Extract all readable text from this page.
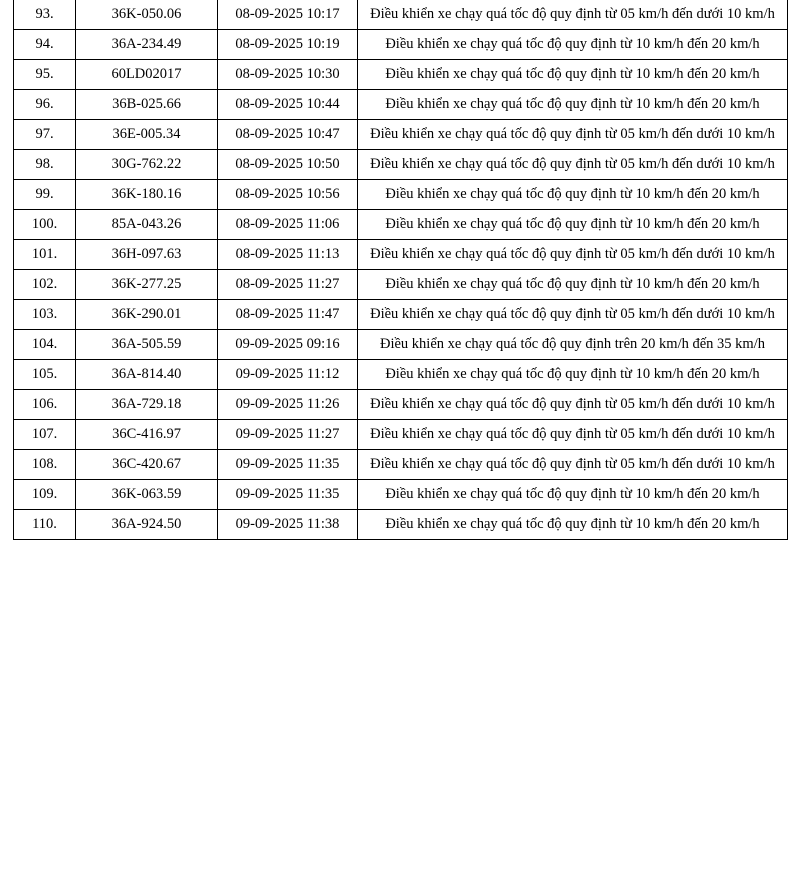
93.	36K-050.06	08-09-2025 10:17	Điều khiển xe chạy quá tốc độ quy định từ 05 km/h đến dưới 10 km/h
94.	36A-234.49	08-09-2025 10:19	Điều khiển xe chạy quá tốc độ quy định từ 10 km/h đến 20 km/h
95.	60LD02017	08-09-2025 10:30	Điều khiển xe chạy quá tốc độ quy định từ 10 km/h đến 20 km/h
96.	36B-025.66	08-09-2025 10:44	Điều khiển xe chạy quá tốc độ quy định từ 10 km/h đến 20 km/h
97.	36E-005.34	08-09-2025 10:47	Điều khiển xe chạy quá tốc độ quy định từ 05 km/h đến dưới 10 km/h
98.	30G-762.22	08-09-2025 10:50	Điều khiển xe chạy quá tốc độ quy định từ 05 km/h đến dưới 10 km/h
99.	36K-180.16	08-09-2025 10:56	Điều khiển xe chạy quá tốc độ quy định từ 10 km/h đến 20 km/h
100.	85A-043.26	08-09-2025 11:06	Điều khiển xe chạy quá tốc độ quy định từ 10 km/h đến 20 km/h
101.	36H-097.63	08-09-2025 11:13	Điều khiển xe chạy quá tốc độ quy định từ 05 km/h đến dưới 10 km/h
102.	36K-277.25	08-09-2025 11:27	Điều khiển xe chạy quá tốc độ quy định từ 10 km/h đến 20 km/h
103.	36K-290.01	08-09-2025 11:47	Điều khiển xe chạy quá tốc độ quy định từ 05 km/h đến dưới 10 km/h
104.	36A-505.59	09-09-2025 09:16	Điều khiển xe chạy quá tốc độ quy định trên 20 km/h đến 35 km/h
105.	36A-814.40	09-09-2025 11:12	Điều khiển xe chạy quá tốc độ quy định từ 10 km/h đến 20 km/h
106.	36A-729.18	09-09-2025 11:26	Điều khiển xe chạy quá tốc độ quy định từ 05 km/h đến dưới 10 km/h
107.	36C-416.97	09-09-2025 11:27	Điều khiển xe chạy quá tốc độ quy định từ 05 km/h đến dưới 10 km/h
108.	36C-420.67	09-09-2025 11:35	Điều khiển xe chạy quá tốc độ quy định từ 05 km/h đến dưới 10 km/h
109.	36K-063.59	09-09-2025 11:35	Điều khiển xe chạy quá tốc độ quy định từ 10 km/h đến 20 km/h
110.	36A-924.50	09-09-2025 11:38	Điều khiển xe chạy quá tốc độ quy định từ 10 km/h đến 20 km/h
